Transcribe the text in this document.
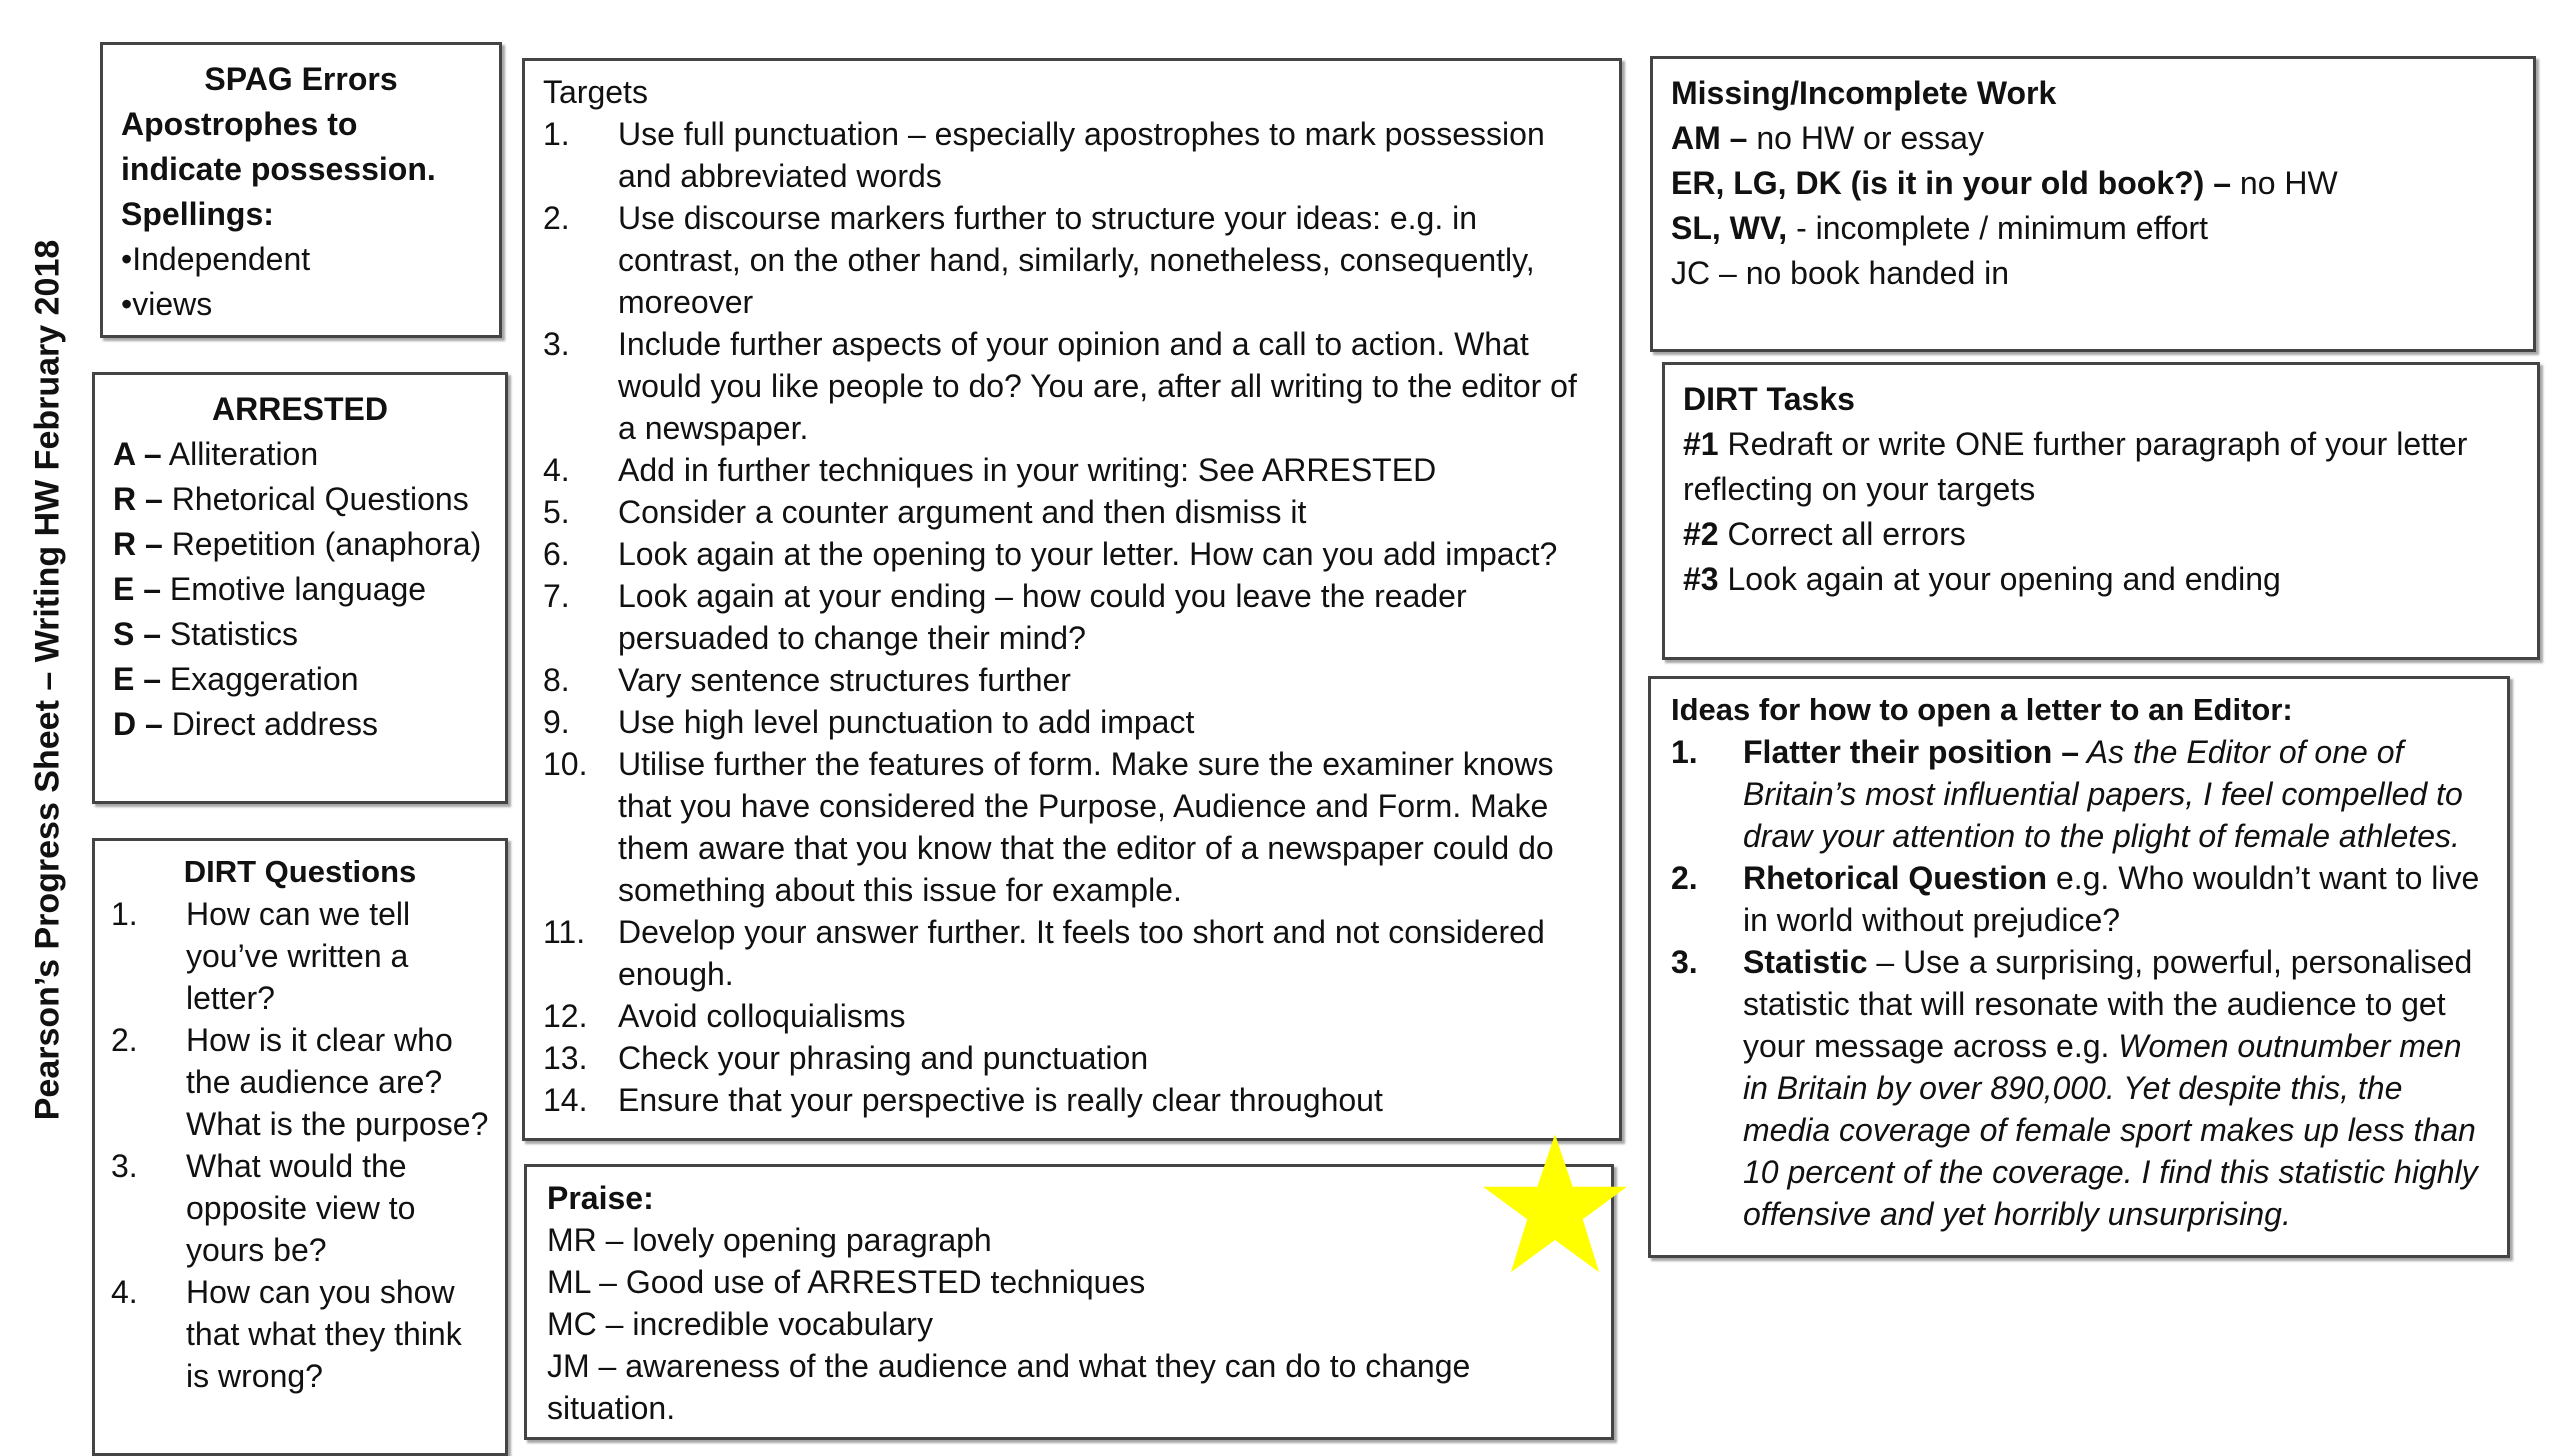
Pearson’s Progress Sheet – Writing HW February 2018

SPAG Errors

Apostrophes to indicate possession.

Spellings:

•Independent

•views

ARRESTED

A – Alliteration

R – Rhetorical Questions

R – Repetition (anaphora)

E – Emotive language

S – Statistics

E – Exaggeration

D – Direct address

DIRT Questions

1. How can we tell you’ve written a letter?
2. How is it clear who the audience are? What is the purpose?
3. What would the opposite view to yours be?
4. How can you show that what they think is wrong?

Targets

1. Use full punctuation – especially apostrophes to mark possession and abbreviated words
2. Use discourse markers further to structure your ideas: e.g. in contrast, on the other hand, similarly, nonetheless, consequently, moreover
3. Include further aspects of your opinion and a call to action. What would you like people to do? You are, after all writing to the editor of a newspaper.
4. Add in further techniques in your writing: See ARRESTED
5. Consider a counter argument and then dismiss it
6. Look again at the opening to your letter. How can you add impact?
7. Look again at your ending – how could you leave the reader persuaded to change their mind?
8. Vary sentence structures further
9. Use high level punctuation to add impact
10. Utilise further the features of form. Make sure the examiner knows that you have considered the Purpose, Audience and Form. Make them aware that you know that the editor of a newspaper could do something about this issue for example.
11. Develop your answer further. It feels too short and not considered enough.
12. Avoid colloquialisms
13. Check your phrasing and punctuation
14. Ensure that your perspective is really clear throughout

Praise:

MR – lovely opening paragraph

ML – Good use of ARRESTED techniques

MC – incredible vocabulary

JM – awareness of the audience and what they can do to change situation.

Missing/Incomplete Work

AM – no HW or essay

ER, LG, DK (is it in your old book?) – no HW

SL, WV, - incomplete / minimum effort

JC – no book handed in

DIRT Tasks

#1 Redraft or write ONE further paragraph of your letter reflecting on your targets

#2 Correct all errors

#3 Look again at your opening and ending

Ideas for how to open a letter to an Editor:

1. Flatter their position – As the Editor of one of Britain’s most influential papers, I feel compelled to draw your attention to the plight of female athletes.
2. Rhetorical Question e.g. Who wouldn’t want to live in world without prejudice?
3. Statistic – Use a surprising, powerful, personalised statistic that will resonate with the audience to get your message across e.g. Women outnumber men in Britain by over 890,000. Yet despite this, the media coverage of female sport makes up less than 10 percent of the coverage. I find this statistic highly offensive and yet horribly unsurprising.
